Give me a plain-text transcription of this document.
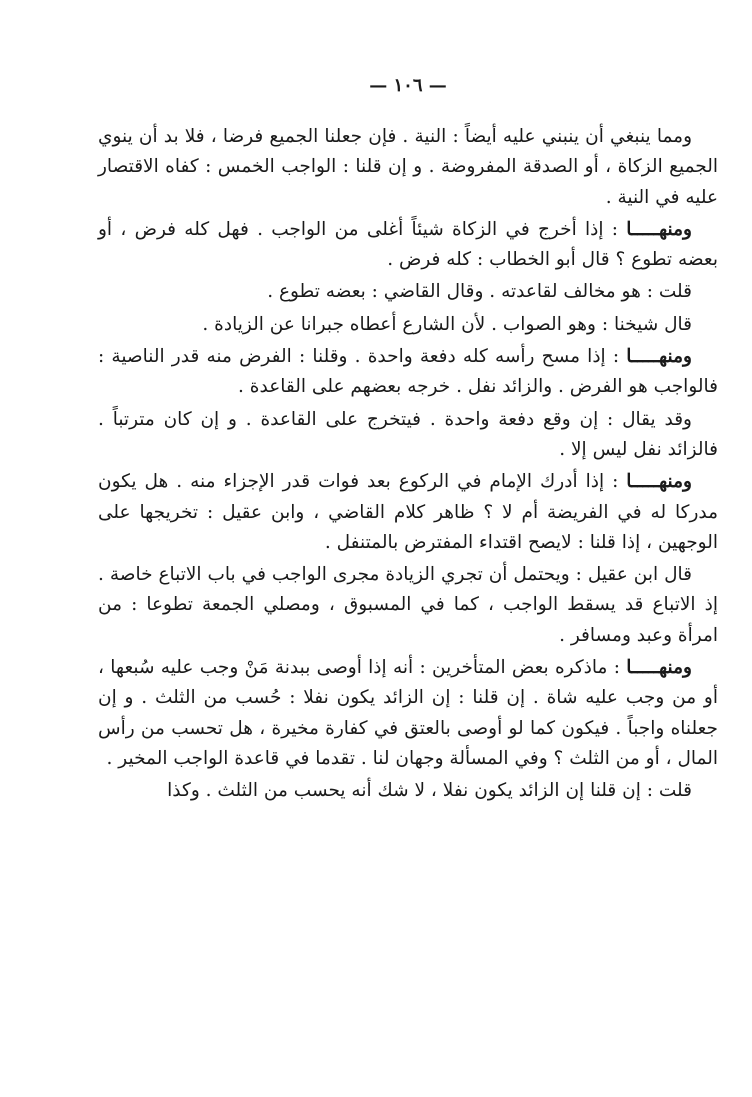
— ١٠٦ —

ومما ينبغي أن ينبني عليه أيضاً : النية . فإن جعلنا الجميع فرضا ، فلا بد أن ينوي الجميع الزكاة ، أو الصدقة المفروضة . و إن قلنا : الواجب الخمس : كفاه الاقتصار عليه في النية .

ومنهـــــا : إذا أخرج في الزكاة شيئاً أغلى من الواجب . فهل كله فرض ، أو بعضه تطوع ؟ قال أبو الخطاب : كله فرض .

قلت : هو مخالف لقاعدته . وقال القاضي : بعضه تطوع .

قال شيخنا : وهو الصواب . لأن الشارع أعطاه جبرانا عن الزيادة .

ومنهـــــا : إذا مسح رأسه كله دفعة واحدة . وقلنا : الفرض منه قدر الناصية : فالواجب هو الفرض . والزائد نفل . خرجه بعضهم على القاعدة .

وقد يقال : إن وقع دفعة واحدة . فيتخرج على القاعدة . و إن كان مترتباً . فالزائد نفل ليس إلا .

ومنهـــــا : إذا أدرك الإمام في الركوع بعد فوات قدر الإجزاء منه . هل يكون مدركا له في الفريضة أم لا ؟ ظاهر كلام القاضي ، وابن عقيل : تخريجها على الوجهين ، إذا قلنا : لايصح اقتداء المفترض بالمتنفل .

قال ابن عقيل : ويحتمل أن تجري الزيادة مجرى الواجب في باب الاتباع خاصة . إذ الاتباع قد يسقط الواجب ، كما في المسبوق ، ومصلي الجمعة تطوعا : من امرأة وعبد ومسافر .

ومنهـــــا : ماذكره بعض المتأخرين : أنه إذا أوصى ببدنة مَنْ وجب عليه سُبعها ، أو من وجب عليه شاة . إن قلنا : إن الزائد يكون نفلا : حُسب من الثلث . و إن جعلناه واجباً . فيكون كما لو أوصى بالعتق في كفارة مخيرة ، هل تحسب من رأس المال ، أو من الثلث ؟ وفي المسألة وجهان لنا . تقدما في قاعدة الواجب المخير .

قلت : إن قلنا إن الزائد يكون نفلا ، لا شك أنه يحسب من الثلث . وكذا
